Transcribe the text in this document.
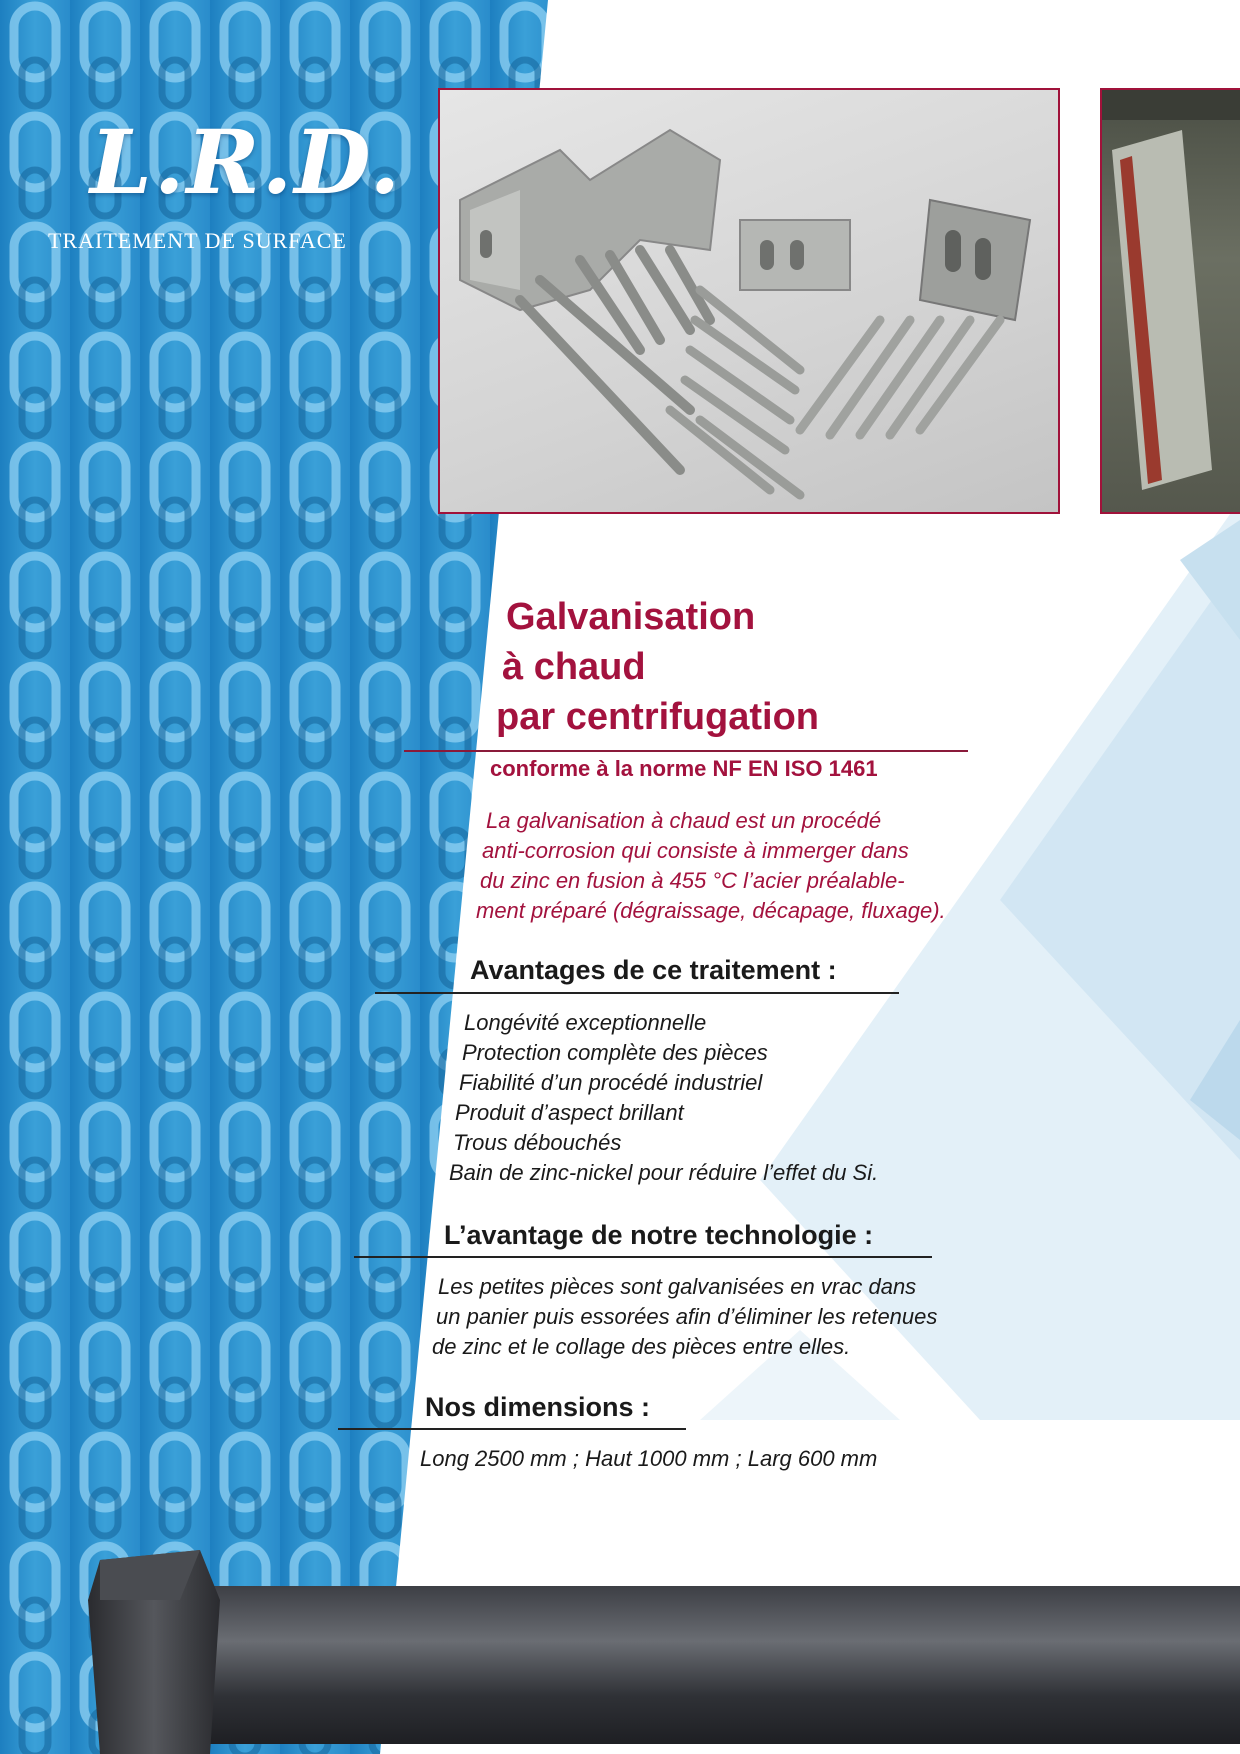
L.R.D.
TRAITEMENT DE SURFACE
Galvanisation
à chaud
par centrifugation
conforme à la norme NF EN ISO 1461
La galvanisation à chaud est un procédé
anti-corrosion qui consiste à immerger dans
du zinc en fusion à 455 °C l’acier préalable-
ment préparé (dégraissage, décapage, fluxage).
Avantages de ce traitement :
Longévité exceptionnelle
Protection complète des pièces
Fiabilité d’un procédé industriel
Produit d’aspect brillant
Trous débouchés
Bain de zinc-nickel pour réduire l’effet du Si.
L’avantage de notre technologie :
Les petites pièces sont galvanisées en vrac dans
un panier puis essorées afin d’éliminer les retenues
de zinc et le collage des pièces entre elles.
Nos dimensions :
Long 2500 mm ; Haut 1000 mm ; Larg 600 mm
